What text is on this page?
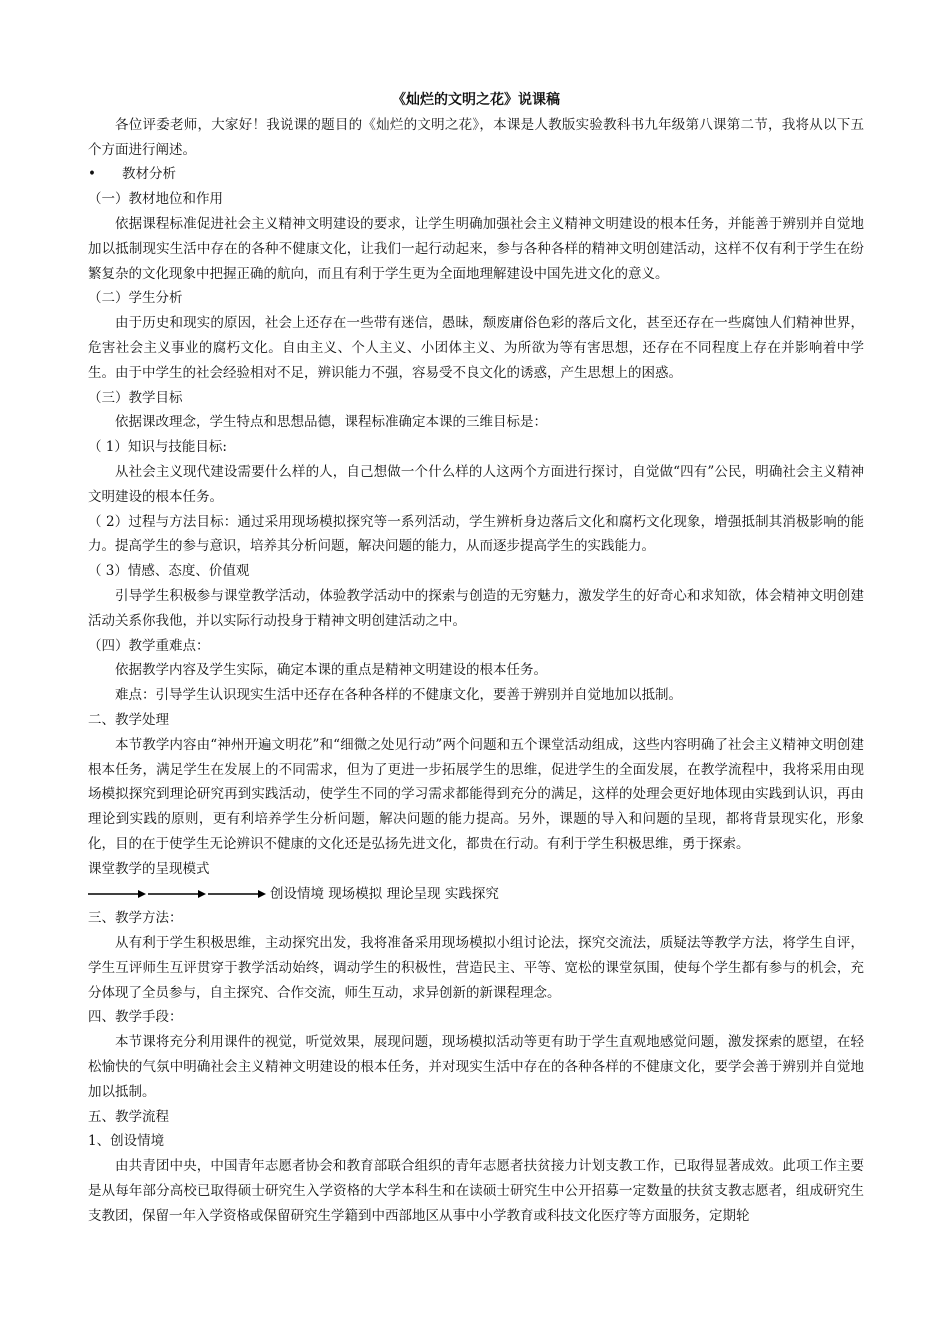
《灿烂的文明之花》说课稿

各位评委老师，大家好！我说课的题目的《灿烂的文明之花》，本课是人教版实验教科书九年级第八课第二节，我将从以下五个方面进行阐述。

• 教材分析

（一）教材地位和作用

依据课程标准促进社会主义精神文明建设的要求，让学生明确加强社会主义精神文明建设的根本任务，并能善于辨别并自觉地加以抵制现实生活中存在的各种不健康文化，让我们一起行动起来，参与各种各样的精神文明创建活动，这样不仅有利于学生在纷繁复杂的文化现象中把握正确的航向，而且有利于学生更为全面地理解建设中国先进文化的意义。

（二）学生分析

由于历史和现实的原因，社会上还存在一些带有迷信，愚昧，颓废庸俗色彩的落后文化，甚至还存在一些腐蚀人们精神世界，危害社会主义事业的腐朽文化。自由主义、个人主义、小团体主义、为所欲为等有害思想，还存在不同程度上存在并影响着中学生。由于中学生的社会经验相对不足，辨识能力不强，容易受不良文化的诱惑，产生思想上的困惑。

（三）教学目标

依据课改理念，学生特点和思想品德，课程标准确定本课的三维目标是：

（ 1）知识与技能目标:

从社会主义现代建设需要什么样的人，自己想做一个什么样的人这两个方面进行探讨，自觉做“四有”公民，明确社会主义精神文明建设的根本任务。

（ 2）过程与方法目标：通过采用现场模拟探究等一系列活动，学生辨析身边落后文化和腐朽文化现象，增强抵制其消极影响的能力。提高学生的参与意识，培养其分析问题，解决问题的能力，从而逐步提高学生的实践能力。

（ 3）情感、态度、价值观

引导学生积极参与课堂教学活动，体验教学活动中的探索与创造的无穷魅力，激发学生的好奇心和求知欲，体会精神文明创建活动关系你我他，并以实际行动投身于精神文明创建活动之中。

（四）教学重难点：

依据教学内容及学生实际，确定本课的重点是精神文明建设的根本任务。

难点：引导学生认识现实生活中还存在各种各样的不健康文化，要善于辨别并自觉地加以抵制。

二、教学处理

本节教学内容由“神州开遍文明花”和“细微之处见行动”两个问题和五个课堂活动组成，这些内容明确了社会主义精神文明创建根本任务，满足学生在发展上的不同需求，但为了更进一步拓展学生的思维，促进学生的全面发展，在教学流程中，我将采用由现场模拟探究到理论研究再到实践活动，使学生不同的学习需求都能得到充分的满足，这样的处理会更好地体现由实践到认识，再由理论到实践的原则，更有利培养学生分析问题，解决问题的能力提高。另外，课题的导入和问题的呈现，都将背景现实化，形象化，目的在于使学生无论辨识不健康的文化还是弘扬先进文化，都贵在行动。有利于学生积极思维，勇于探索。

课堂教学的呈现模式

创设情境 现场模拟 理论呈现 实践探究

三、教学方法：

从有利于学生积极思维，主动探究出发，我将准备采用现场模拟小组讨论法，探究交流法，质疑法等教学方法，将学生自评，学生互评师生互评贯穿于教学活动始终，调动学生的积极性，营造民主、平等、宽松的课堂氛围，使每个学生都有参与的机会，充分体现了全员参与，自主探究、合作交流，师生互动，求异创新的新课程理念。

四、教学手段：

本节课将充分利用课件的视觉，听觉效果，展现问题，现场模拟活动等更有助于学生直观地感觉问题，激发探索的愿望，在轻松愉快的气氛中明确社会主义精神文明建设的根本任务，并对现实生活中存在的各种各样的不健康文化，要学会善于辨别并自觉地加以抵制。

五、教学流程

1、创设情境

由共青团中央，中国青年志愿者协会和教育部联合组织的青年志愿者扶贫接力计划支教工作，已取得显著成效。此项工作主要是从每年部分高校已取得硕士研究生入学资格的大学本科生和在读硕士研究生中公开招募一定数量的扶贫支教志愿者，组成研究生支教团，保留一年入学资格或保留研究生学籍到中西部地区从事中小学教育或科技文化医疗等方面服务，定期轮
